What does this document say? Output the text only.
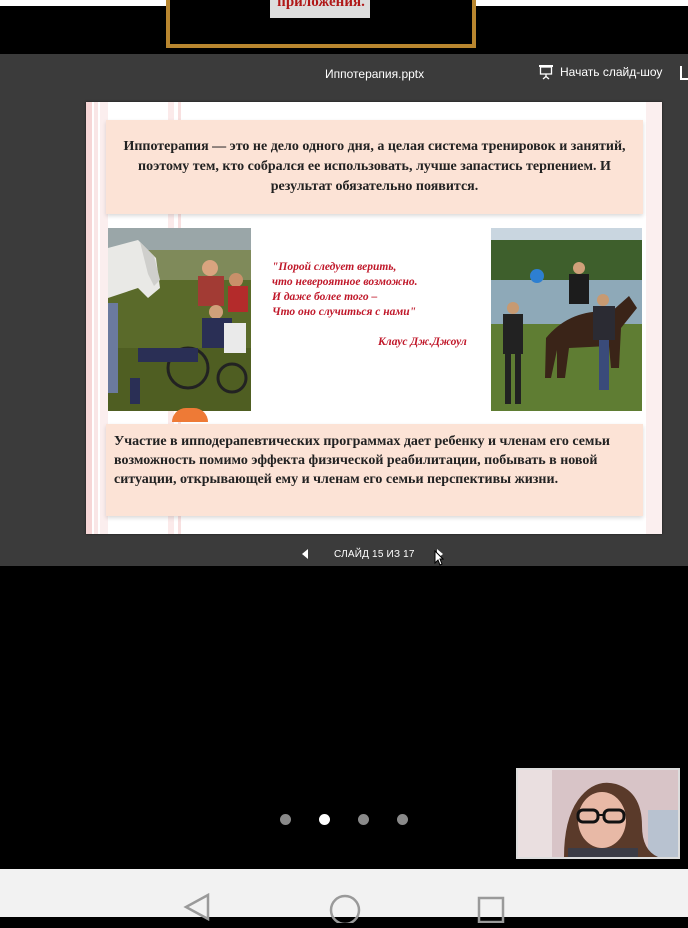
приложения.
Иппотерапия.pptx	Начать слайд-шоу

Иппотерапия — это не дело одного дня, а целая система тренировок и занятий, поэтому тем, кто собрался ее использовать, лучше запастись терпением. И результат обязательно появится.

"Порой следует верить,
что невероятное возможно.
И даже более того –
Что оно случиться с нами"
Клаус Дж.Джоул

Участие в ипподерапевтических программах дает ребенку и членам его семьи возможность помимо эффекта физической реабилитации, побывать в новой ситуации, открывающей ему и членам его семьи перспективы жизни.

СЛАЙД 15 ИЗ 17
